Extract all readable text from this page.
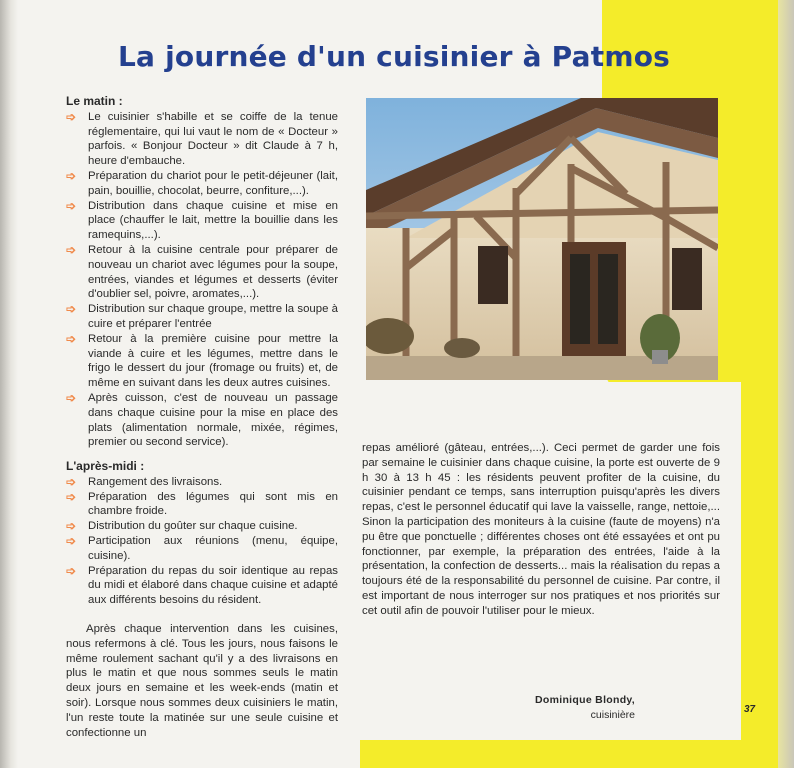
La journée d'un cuisinier à Patmos

Le matin :

➩ Le cuisinier s'habille et se coiffe de la tenue réglementaire, qui lui vaut le nom de « Docteur » parfois. « Bonjour Docteur » dit Claude à 7 h, heure d'embauche.
➩ Préparation du chariot pour le petit-déjeuner (lait, pain, bouillie, chocolat, beurre, confiture,...).
➩ Distribution dans chaque cuisine et mise en place (chauffer le lait, mettre la bouillie dans les ramequins,...).
➩ Retour à la cuisine centrale pour préparer de nouveau un chariot avec légumes pour la soupe, entrées, viandes et légumes et desserts (éviter d'oublier sel, poivre, aromates,...).
➩ Distribution sur chaque groupe, mettre la soupe à cuire et préparer l'entrée
➩ Retour à la première cuisine pour mettre la viande à cuire et les légumes, mettre dans le frigo le dessert du jour (fromage ou fruits) et, de même en suivant dans les deux autres cuisines.
➩ Après cuisson, c'est de nouveau un passage dans chaque cuisine pour la mise en place des plats (alimentation normale, mixée, régimes, premier ou second service).

L'après-midi :

➩ Rangement des livraisons.
➩ Préparation des légumes qui sont mis en chambre froide.
➩ Distribution du goûter sur chaque cuisine.
➩ Participation aux réunions (menu, équipe, cuisine).
➩ Préparation du repas du soir identique au repas du midi et élaboré dans chaque cuisine et adapté aux différents besoins du résident.

Après chaque intervention dans les cuisines, nous refermons à clé. Tous les jours, nous faisons le même roulement sachant qu'il y a des livraisons en plus le matin et que nous sommes seuls le matin deux jours en semaine et les week-ends (matin et soir). Lorsque nous sommes deux cuisiniers le matin, l'un reste toute la matinée sur une seule cuisine et confectionne un

repas amélioré (gâteau, entrées,...). Ceci permet de garder une fois par semaine le cuisinier dans chaque cuisine, la porte est ouverte de 9 h 30 à 13 h 45 : les résidents peuvent profiter de la cuisine, du cuisinier pendant ce temps, sans interruption puisqu'après les divers repas, c'est le personnel éducatif qui lave la vaisselle, range, nettoie,... Sinon la participation des moniteurs à la cuisine (faute de moyens) n'a pu être que ponctuelle ; différentes choses ont été essayées et ont pu fonctionner, par exemple, la préparation des entrées, l'aide à la présentation, la confection de desserts... mais la réalisation du repas a toujours été de la responsabilité du personnel de cuisine. Par contre, il est important de nous interroger sur nos pratiques et nos priorités sur cet outil afin de pouvoir l'utiliser pour le mieux.

Dominique Blondy,
cuisinière	37
